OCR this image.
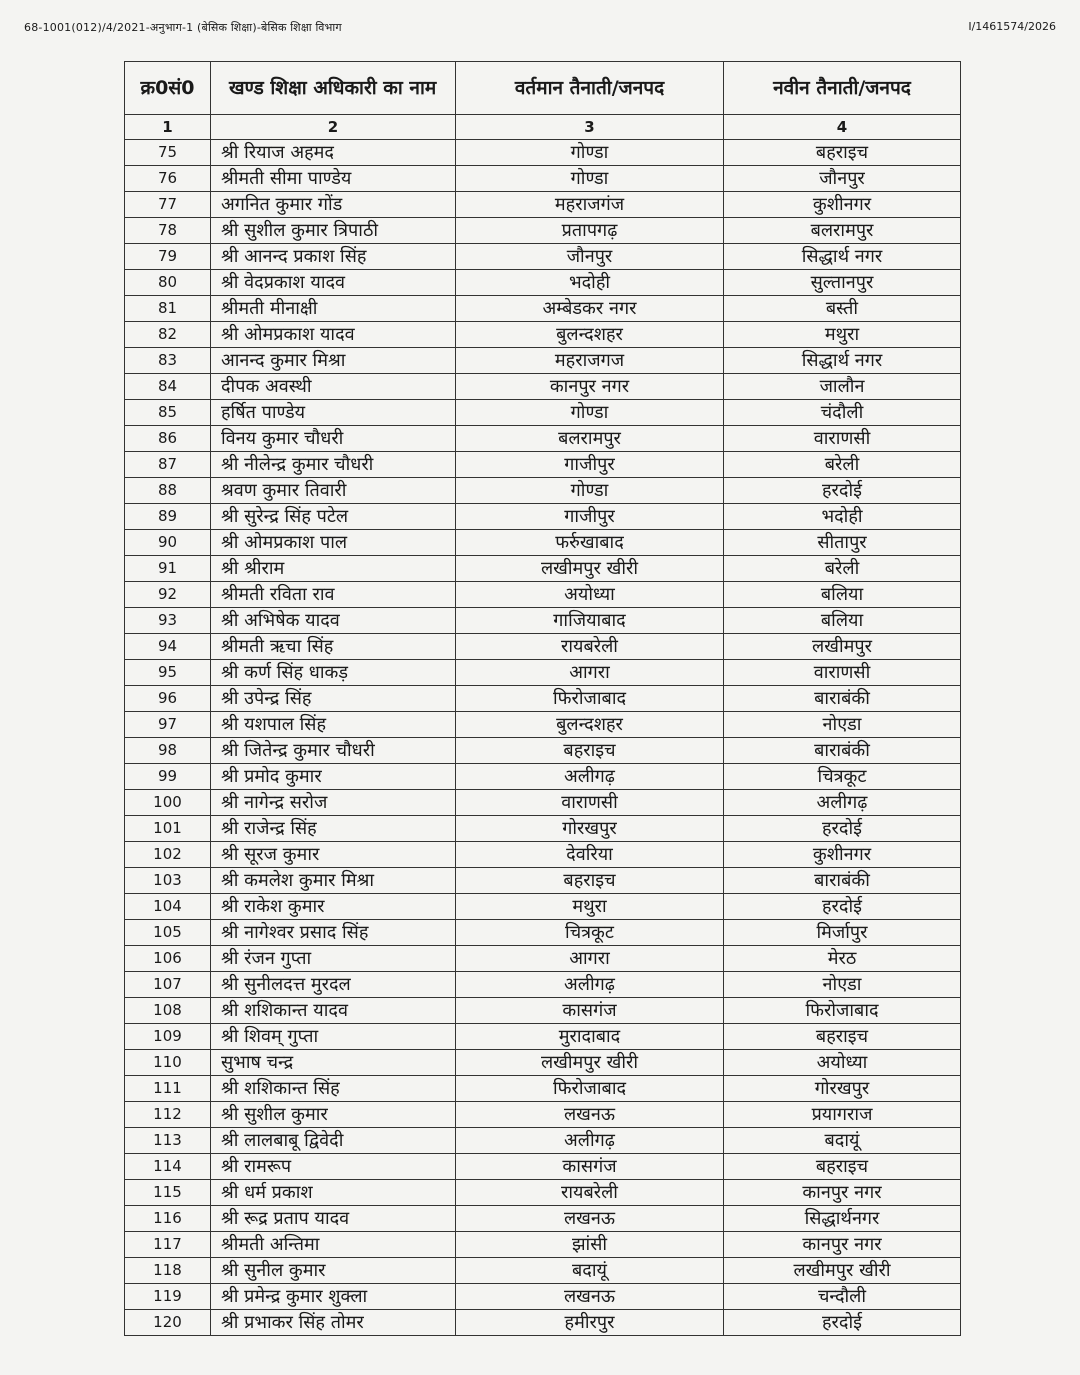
68-1001(012)/4/2021-अनुभाग-1 (बेसिक शिक्षा)-बेसिक शिक्षा विभाग	I/1461574/2026
क्र0सं0	खण्ड शिक्षा अधिकारी का नाम	वर्तमान तैनाती/जनपद	नवीन तैनाती/जनपद
1	2	3	4
75	श्री रियाज अहमद	गोण्डा	बहराइच
76	श्रीमती सीमा पाण्डेय	गोण्डा	जौनपुर
77	अगनित कुमार गोंड	महराजगंज	कुशीनगर
78	श्री सुशील कुमार त्रिपाठी	प्रतापगढ़	बलरामपुर
79	श्री आनन्द प्रकाश सिंह	जौनपुर	सिद्धार्थ नगर
80	श्री वेदप्रकाश यादव	भदोही	सुल्तानपुर
81	श्रीमती मीनाक्षी	अम्बेडकर नगर	बस्ती
82	श्री ओमप्रकाश यादव	बुलन्दशहर	मथुरा
83	आनन्द कुमार मिश्रा	महराजगज	सिद्धार्थ नगर
84	दीपक अवस्थी	कानपुर नगर	जालौन
85	हर्षित पाण्डेय	गोण्डा	चंदौली
86	विनय कुमार चौधरी	बलरामपुर	वाराणसी
87	श्री नीलेन्द्र कुमार चौधरी	गाजीपुर	बरेली
88	श्रवण कुमार तिवारी	गोण्डा	हरदोई
89	श्री सुरेन्द्र सिंह पटेल	गाजीपुर	भदोही
90	श्री ओमप्रकाश पाल	फर्रुखाबाद	सीतापुर
91	श्री श्रीराम	लखीमपुर खीरी	बरेली
92	श्रीमती रविता राव	अयोध्या	बलिया
93	श्री अभिषेक यादव	गाजियाबाद	बलिया
94	श्रीमती ऋचा सिंह	रायबरेली	लखीमपुर
95	श्री कर्ण सिंह धाकड़	आगरा	वाराणसी
96	श्री उपेन्द्र सिंह	फिरोजाबाद	बाराबंकी
97	श्री यशपाल सिंह	बुलन्दशहर	नोएडा
98	श्री जितेन्द्र कुमार चौधरी	बहराइच	बाराबंकी
99	श्री प्रमोद कुमार	अलीगढ़	चित्रकूट
100	श्री नागेन्द्र सरोज	वाराणसी	अलीगढ़
101	श्री राजेन्द्र सिंह	गोरखपुर	हरदोई
102	श्री सूरज कुमार	देवरिया	कुशीनगर
103	श्री कमलेश कुमार मिश्रा	बहराइच	बाराबंकी
104	श्री राकेश कुमार	मथुरा	हरदोई
105	श्री नागेश्वर प्रसाद सिंह	चित्रकूट	मिर्जापुर
106	श्री रंजन गुप्ता	आगरा	मेरठ
107	श्री सुनीलदत्त मुरदल	अलीगढ़	नोएडा
108	श्री शशिकान्त यादव	कासगंज	फिरोजाबाद
109	श्री शिवम् गुप्ता	मुरादाबाद	बहराइच
110	सुभाष चन्द्र	लखीमपुर खीरी	अयोध्या
111	श्री शशिकान्त सिंह	फिरोजाबाद	गोरखपुर
112	श्री सुशील कुमार	लखनऊ	प्रयागराज
113	श्री लालबाबू द्विवेदी	अलीगढ़	बदायूं
114	श्री रामरूप	कासगंज	बहराइच
115	श्री धर्म प्रकाश	रायबरेली	कानपुर नगर
116	श्री रूद्र प्रताप यादव	लखनऊ	सिद्धार्थनगर
117	श्रीमती अन्तिमा	झांसी	कानपुर नगर
118	श्री सुनील कुमार	बदायूं	लखीमपुर खीरी
119	श्री प्रमेन्द्र कुमार शुक्ला	लखनऊ	चन्दौली
120	श्री प्रभाकर सिंह तोमर	हमीरपुर	हरदोई
